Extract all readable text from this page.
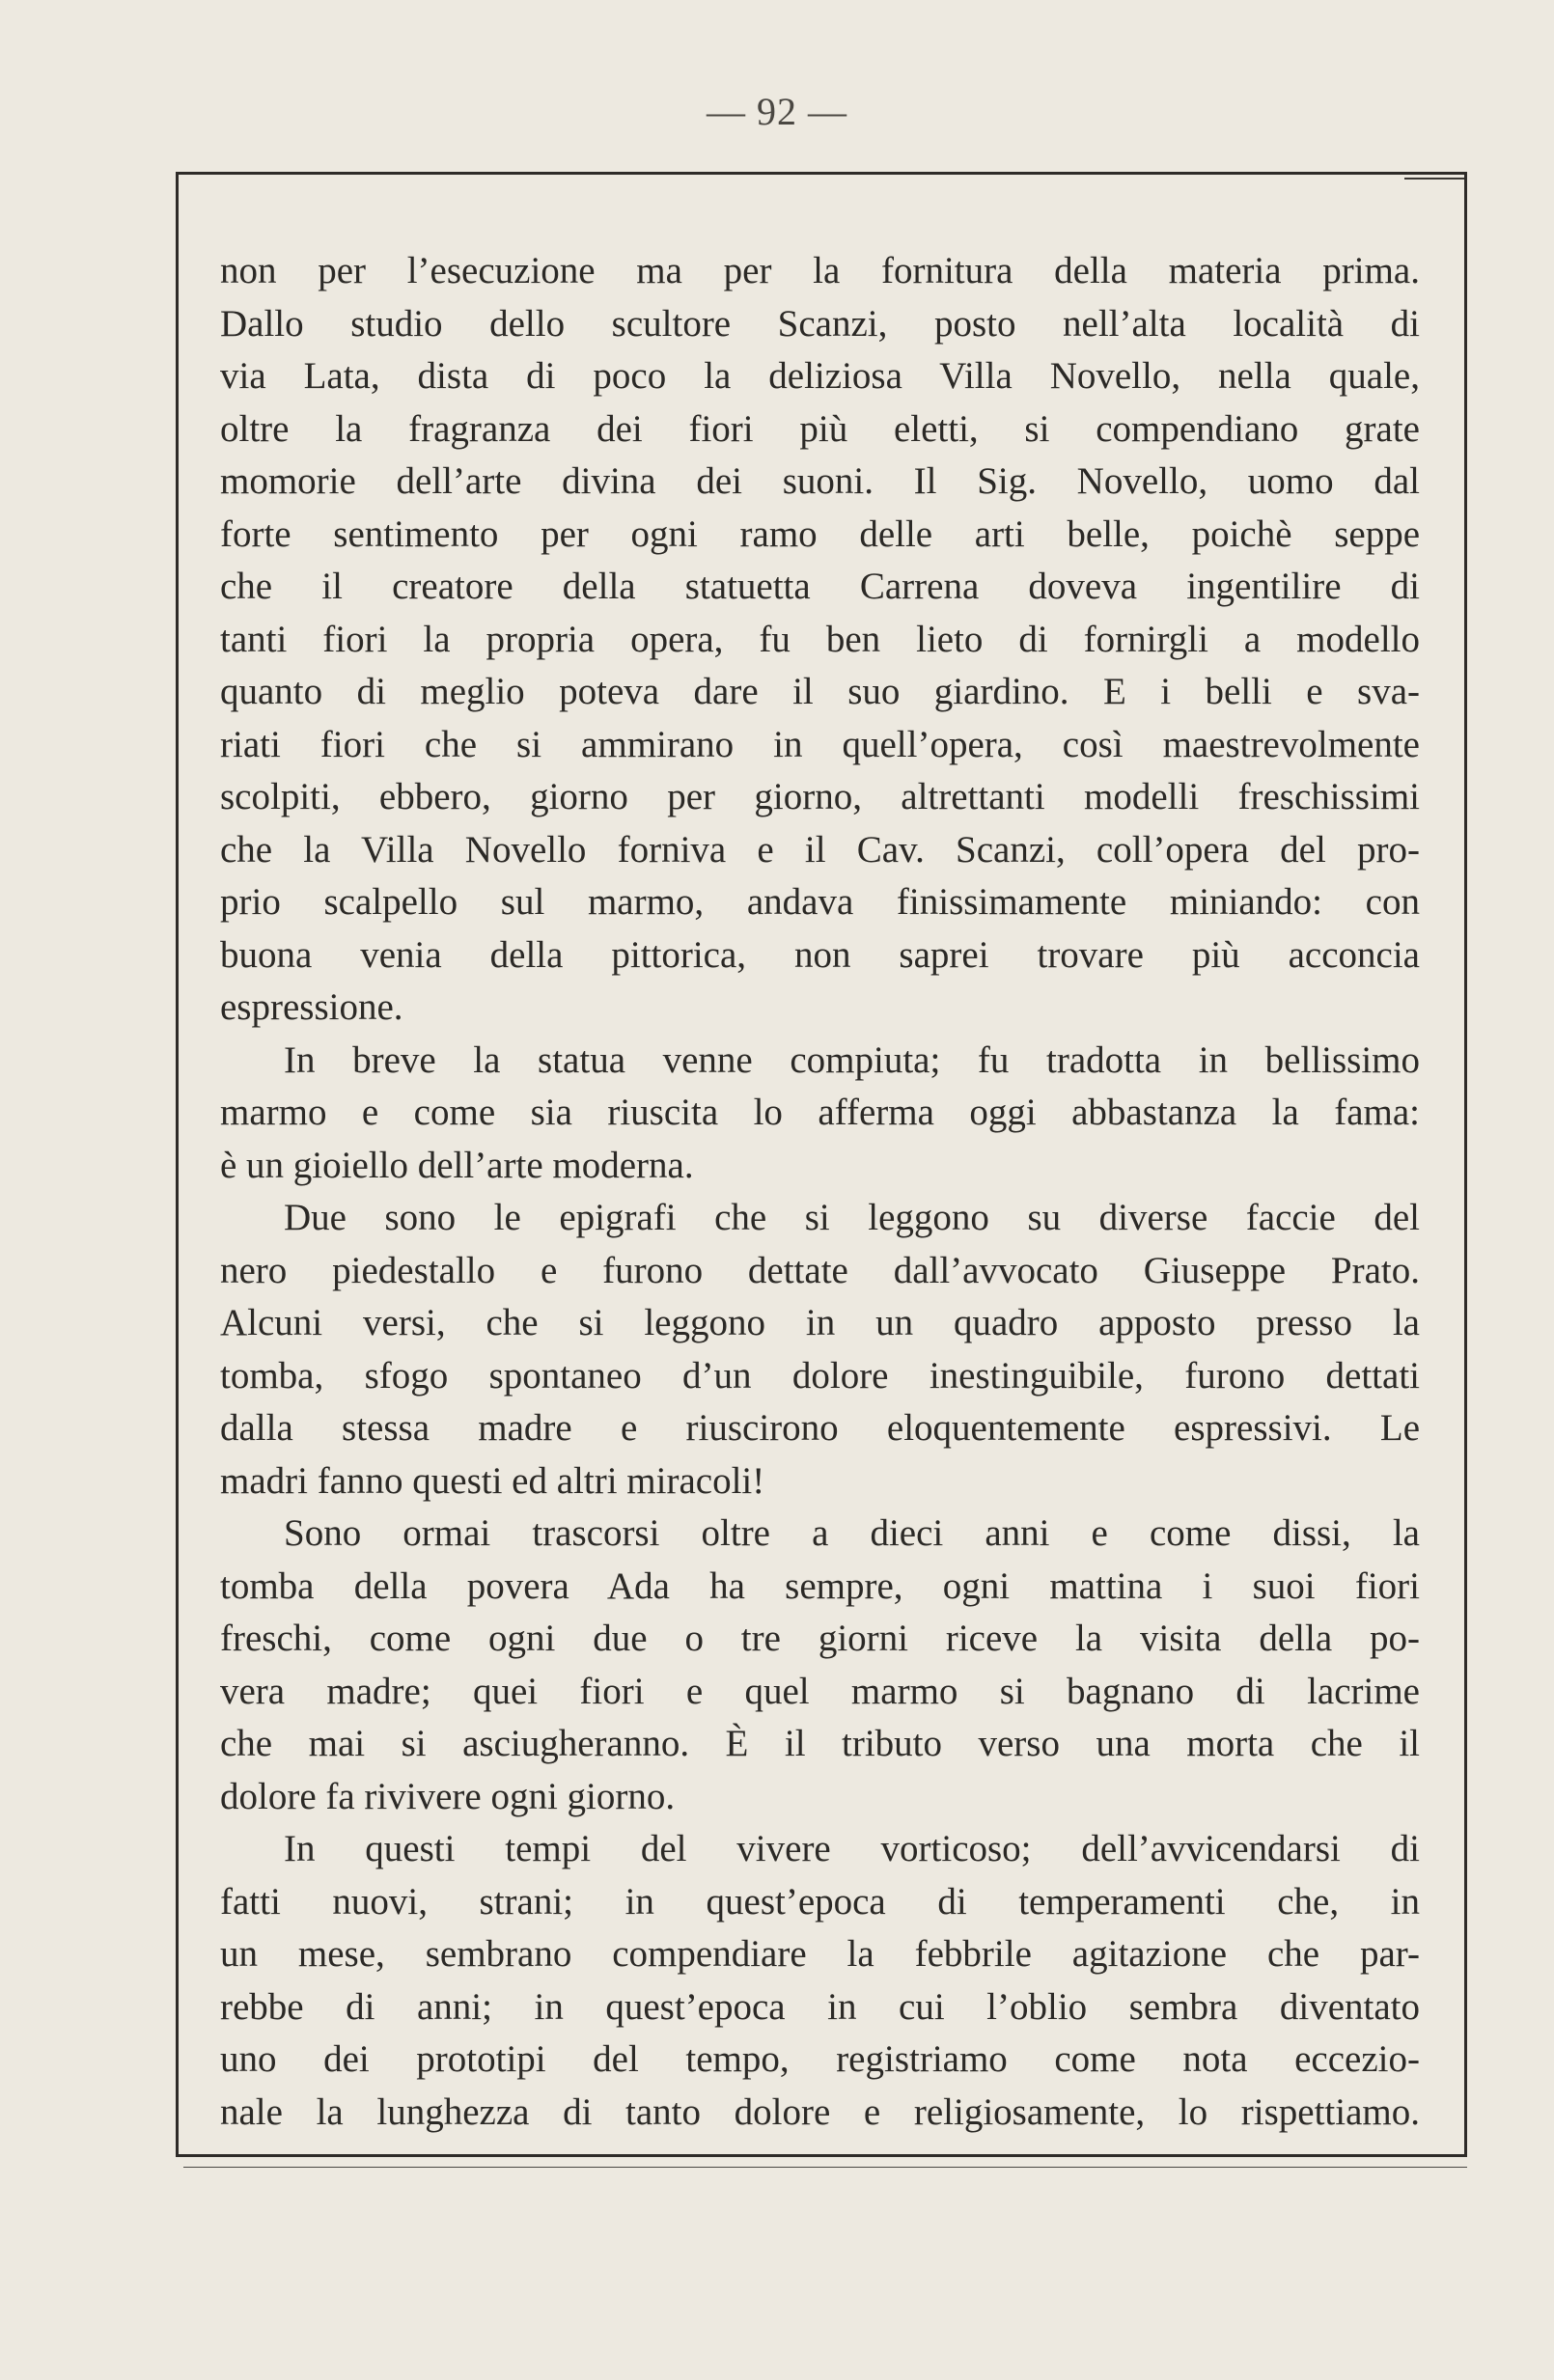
— 92 —
non per l’esecuzione ma per la fornitura della materia prima.
Dallo studio dello scultore Scanzi, posto nell’alta località di
via Lata, dista di poco la deliziosa Villa Novello, nella quale,
oltre la fragranza dei fiori più eletti, si compendiano grate
momorie dell’arte divina dei suoni. Il Sig. Novello, uomo dal
forte sentimento per ogni ramo delle arti belle, poichè seppe
che il creatore della statuetta Carrena doveva ingentilire di
tanti fiori la propria opera, fu ben lieto di fornirgli a modello
quanto di meglio poteva dare il suo giardino. E i belli e sva-
riati fiori che si ammirano in quell’opera, così maestrevolmente
scolpiti, ebbero, giorno per giorno, altrettanti modelli freschissimi
che la Villa Novello forniva e il Cav. Scanzi, coll’opera del pro-
prio scalpello sul marmo, andava finissimamente miniando: con
buona venia della pittorica, non saprei trovare più acconcia
espressione.
In breve la statua venne compiuta; fu tradotta in bellissimo
marmo e come sia riuscita lo afferma oggi abbastanza la fama:
è un gioiello dell’arte moderna.
Due sono le epigrafi che si leggono su diverse faccie del
nero piedestallo e furono dettate dall’avvocato Giuseppe Prato.
Alcuni versi, che si leggono in un quadro apposto presso la
tomba, sfogo spontaneo d’un dolore inestinguibile, furono dettati
dalla stessa madre e riuscirono eloquentemente espressivi. Le
madri fanno questi ed altri miracoli!
Sono ormai trascorsi oltre a dieci anni e come dissi, la
tomba della povera Ada ha sempre, ogni mattina i suoi fiori
freschi, come ogni due o tre giorni riceve la visita della po-
vera madre; quei fiori e quel marmo si bagnano di lacrime
che mai si asciugheranno. È il tributo verso una morta che il
dolore fa rivivere ogni giorno.
In questi tempi del vivere vorticoso; dell’avvicendarsi di
fatti nuovi, strani; in quest’epoca di temperamenti che, in
un mese, sembrano compendiare la febbrile agitazione che par-
rebbe di anni; in quest’epoca in cui l’oblio sembra diventato
uno dei prototipi del tempo, registriamo come nota eccezio-
nale la lunghezza di tanto dolore e religiosamente, lo rispettiamo.
